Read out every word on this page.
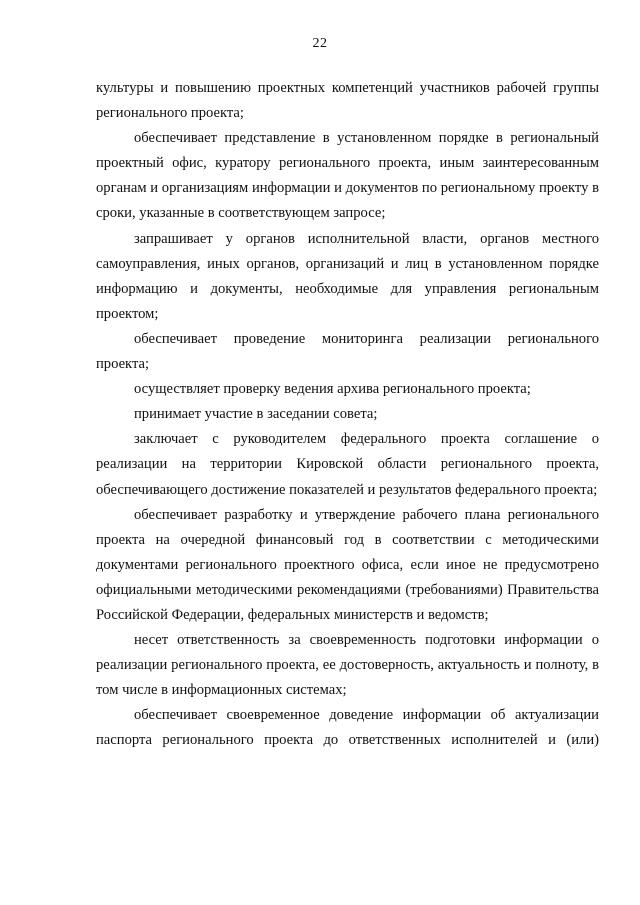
22

культуры и повышению проектных компетенций участников рабочей группы регионального проекта;

обеспечивает представление в установленном порядке в региональный проектный офис, куратору регионального проекта, иным заинтересованным органам и организациям информации и документов по региональному проекту в сроки, указанные в соответствующем запросе;

запрашивает у органов исполнительной власти, органов местного самоуправления, иных органов, организаций и лиц в установленном порядке информацию и документы, необходимые для управления региональным проектом;

обеспечивает проведение мониторинга реализации регионального проекта;

осуществляет проверку ведения архива регионального проекта;

принимает участие в заседании совета;

заключает с руководителем федерального проекта соглашение о реализации на территории Кировской области регионального проекта, обеспечивающего достижение показателей и результатов федерального проекта;

обеспечивает разработку и утверждение рабочего плана регионального проекта на очередной финансовый год в соответствии с методическими документами регионального проектного офиса, если иное не предусмотрено официальными методическими рекомендациями (требованиями) Правительства Российской Федерации, федеральных министерств и ведомств;

несет ответственность за своевременность подготовки информации о реализации регионального проекта, ее достоверность, актуальность и полноту, в том числе в информационных системах;

обеспечивает своевременное доведение информации об актуализации паспорта регионального проекта до ответственных исполнителей и (или)
